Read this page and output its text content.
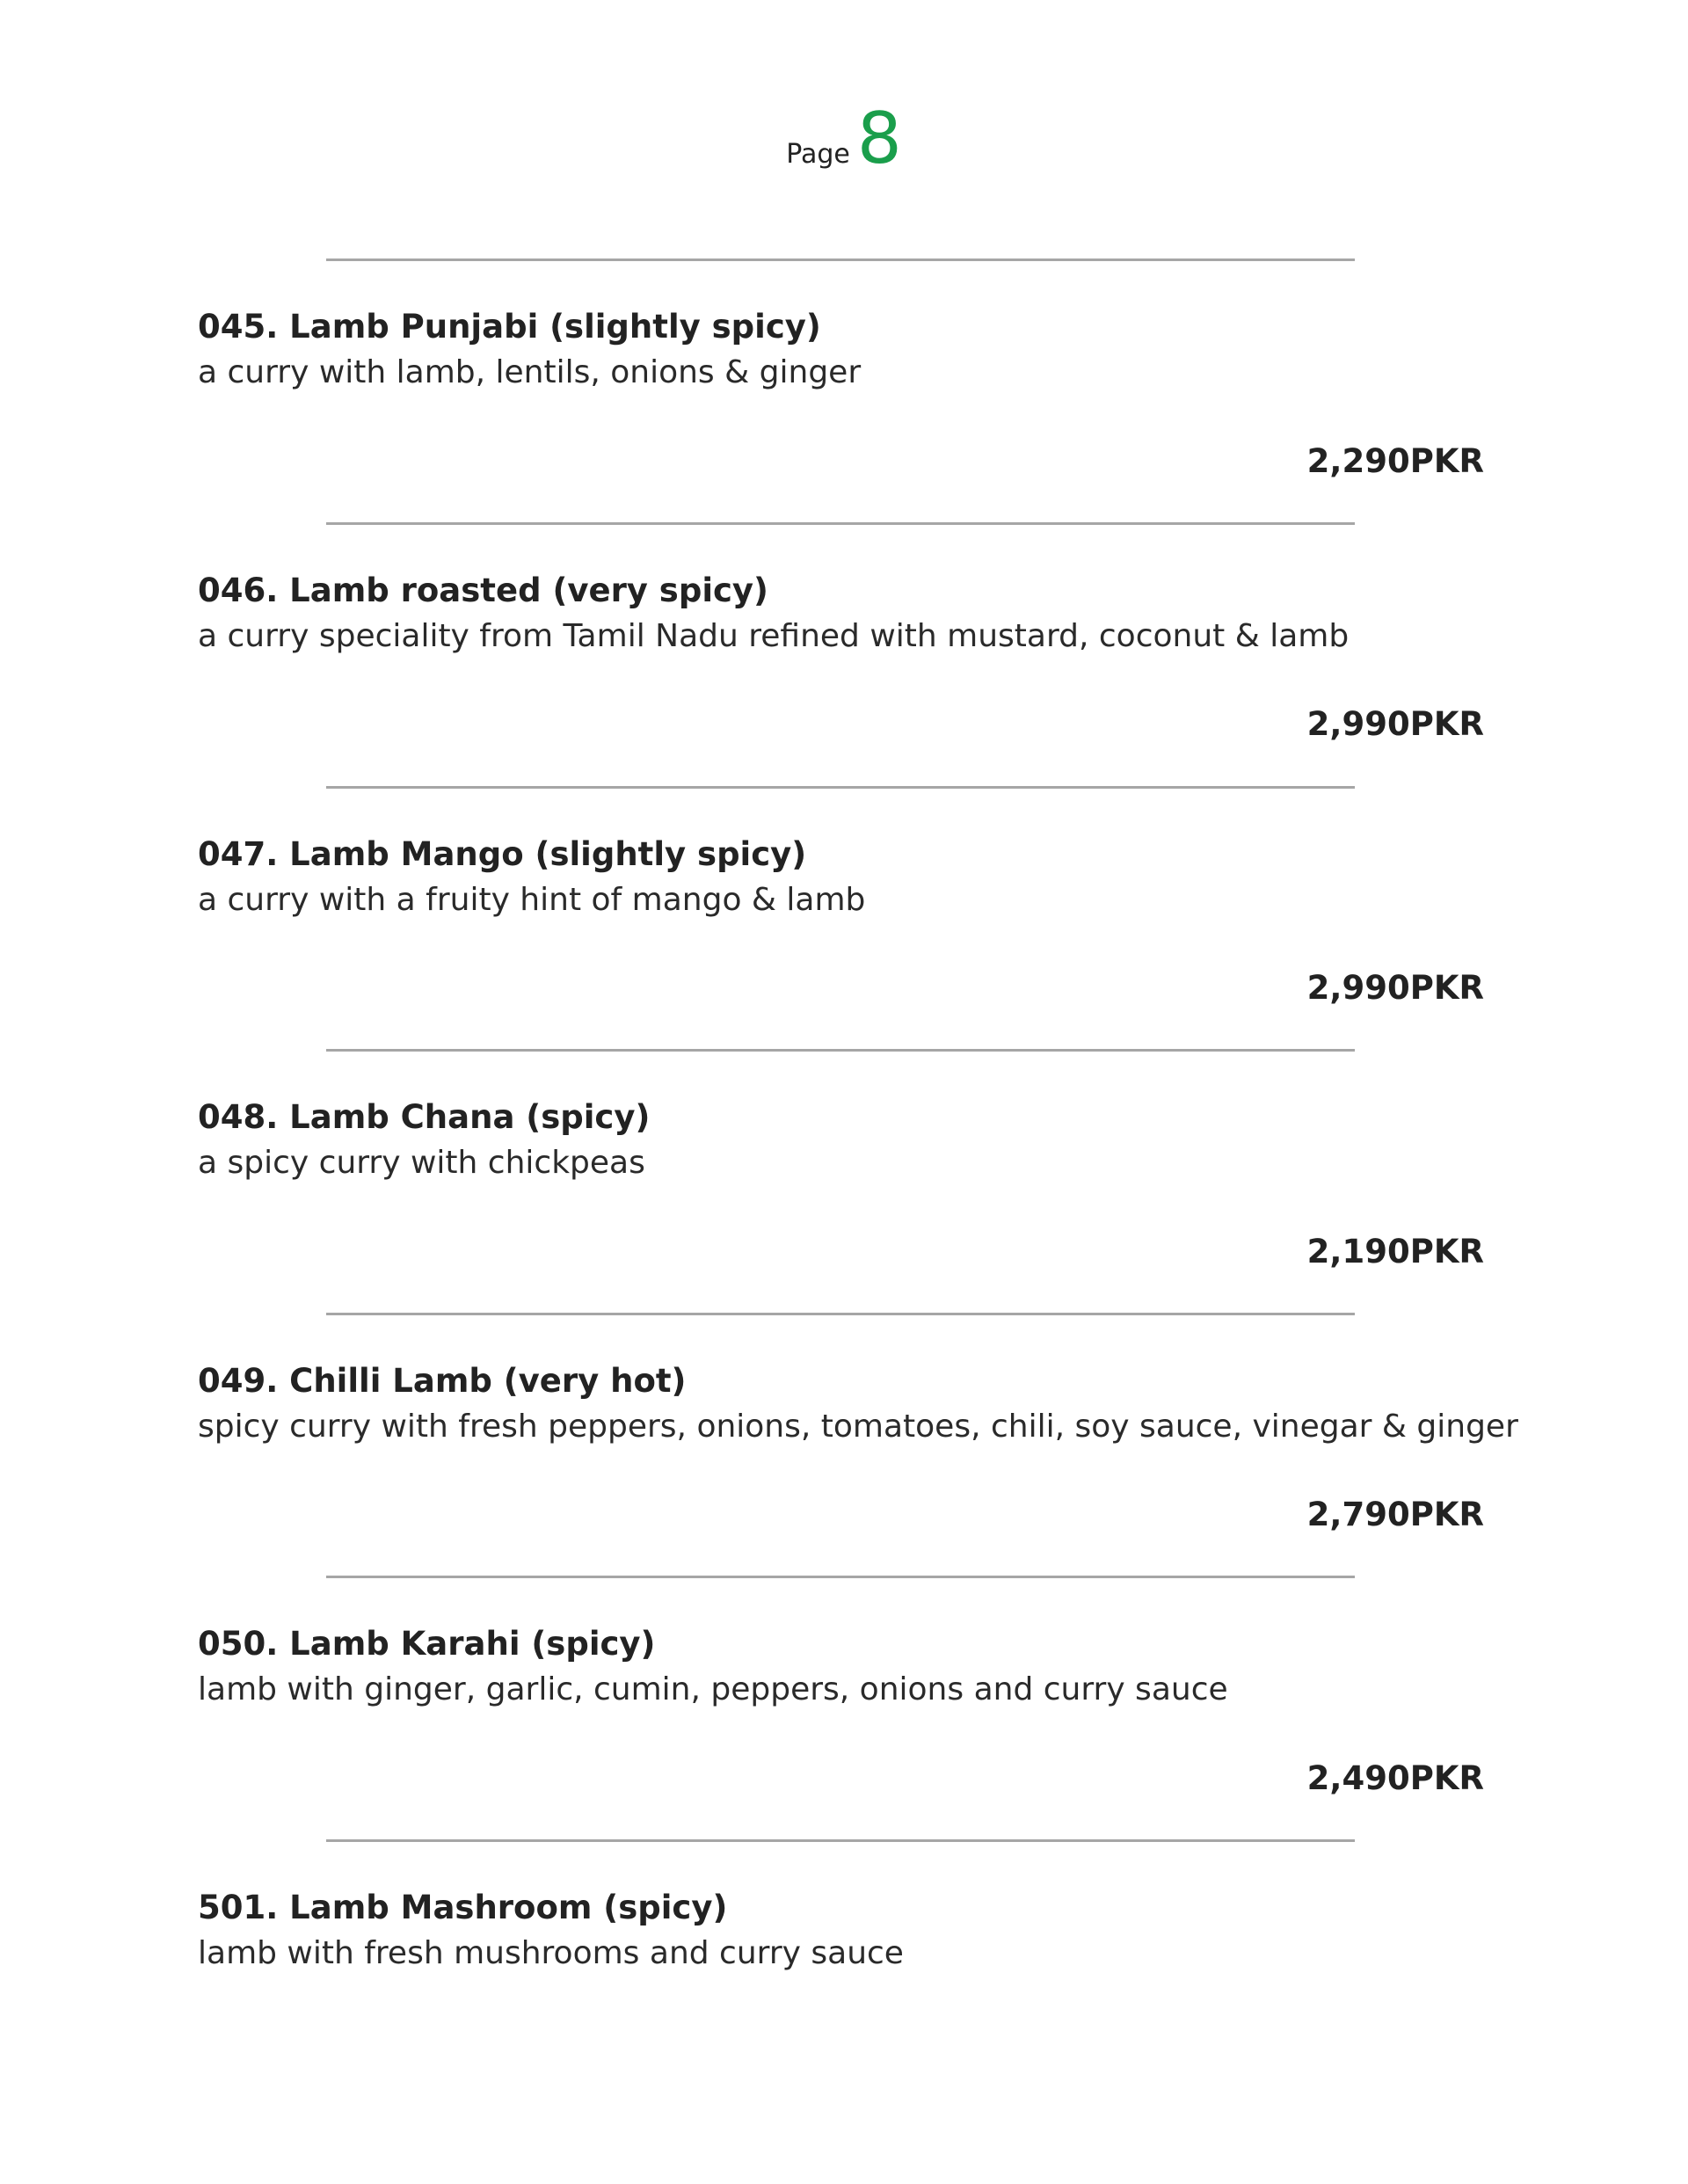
Page 8
045. Lamb Punjabi (slightly spicy)
a curry with lamb, lentils, onions & ginger
2,290PKR
046. Lamb roasted (very spicy)
a curry speciality from Tamil Nadu refined with mustard, coconut & lamb
2,990PKR
047. Lamb Mango (slightly spicy)
a curry with a fruity hint of mango & lamb
2,990PKR
048. Lamb Chana (spicy)
a spicy curry with chickpeas
2,190PKR
049. Chilli Lamb (very hot)
spicy curry with fresh peppers, onions, tomatoes, chili, soy sauce, vinegar & ginger
2,790PKR
050. Lamb Karahi (spicy)
lamb with ginger, garlic, cumin, peppers, onions and curry sauce
2,490PKR
501. Lamb Mashroom (spicy)
lamb with fresh mushrooms and curry sauce
